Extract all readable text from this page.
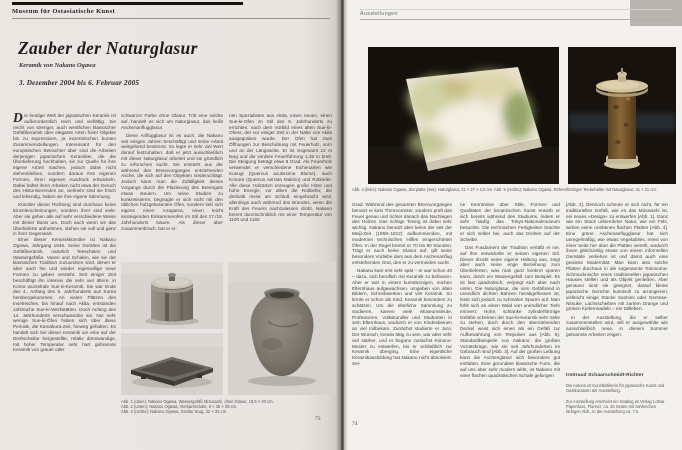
Museum für Ostasiatische Kunst
Zauber der Naturglasur
Keramik von Nakano Ogawa
3. Dezember 2004 bis 6. Februar 2005

Die heutige Welt der japanischen Keramik ist außerordentlich reich und vielfältig. Sie reicht von strenger, auch westlichen klassischer Gefäßkeramik über elegante Arten freier Objekte bis zu expressiven, ja exzentrischen bunten Zusammenstellungen. Interessant für den europäischen Betrachter aber sind die Arbeiten derjenigen japanischen Keramiker, die die Überlieferung hochhalten, sie zur Quelle für ihre eigene Arbeit machen, jedoch dabei nicht stehenbleiben, sondern daraus ihre eigenen Formen, ihren eigenen Ausdruck entwickeln. Dabei haftet ihren Arbeiten nicht etwa der Geruch des Historisierenden an, vielmehr sind sie frisch und lebendig, haben sie ihre eigene Stimmung.

Künstler dieser Richtung sind durchaus keine Einzelerscheinungen, sondern ihrer sind viele. Aber sie gehen alle auf sehr verschiedene Weise mit dieser Basis um. Doch auch wenn sie das Überlieferte aufnehmen, stehen sie voll und ganz in ihrer Gegenwart.

Einer dieser Keramikkünstler ist Nakano Ogawa, Jahrgang 1946. Seine Domäne ist die Gefäßkeramik, natürlich Teeschalen und Wassergefäße, Vasen und Schalen, wie sie der klassischen Tradition zuzuordnen sind, denen er aber auch hie und wieder eigenwillige neue Formen zu geben versteht. Seit einiger Zeit beschäftigt ihn intensiv die sehr viel ältere, in Korea wurzelnde Sue-ki-Keramik. Sie war Ende des 4., Anfang des 5. Jahrhunderts aus Korea herübergekommen. An vielen Plätzen des Inselreiches, bis hinauf nach Akita, entstanden zahlreiche Sue-ki-Werkstätten. Doch Anfang des 14. Jahrhunderts verschwanden sie. Nur sehr wenige Sue-ki-Öfen haben sich über diese Periode, die Kamakura-Zeit, hinweg gehalten. Es handelt sich bei dieser Keramik um eine auf der Drehscheibe hergestellte, relativ dünnwandige, mit hoher Temperatur sehr hart gebrannte Keramik von grauer oder

schwarzer Farbe ohne Glasur. Tritt eine solche auf, handelt es sich um Naturglasur, das heißt Aschenanflugglasur.

Diese Anflugglasur ist es auch, die Nakano seit einigen Jahren beschäftigt und seine Arbeit weitgehend bestimmt. So legte er sehr viel Wert darauf festzuhalten, daß er jetzt ausschließlich mit dieser Naturglasur arbeitet und sie gründlich zu erforschen sucht. Sie entsteht aus der während des Brennvorganges entstehenden Asche, die sich auf den Objekten niederschlägt. Jedoch kann man die Zufälligkeit dieses Vorgangs durch die Plazierung des Brennguts etwas steuern. Um seine Studien zu konkretisieren, begnügte er sich nicht mit den üblichen holzgebrannten Öfen, sondern ließ sich eigens einen Anagama, einen leicht ansteigenden Einkammerofen im Stil des 17./18. Jahrhunderts bauen. Als dieser aber zusammenbrach, bat er ei-

nen Spezialisten aus Akita, einen neuen, einen Sue-ki-Ofen im Stil des 8. Jahrhunderts zu errichten, nach dem Vorbild eines alten Sue-ki-Ofens, der vor einiger Zeit in der Nähe von Akita ausgegraben wurde. Der Ofen hat zwei Öffnungen zur Beschickung mit Feuerholz, vorn und an der Längsseite. Er ist insgesamt 12 m lang und die vordere Feuerführung 1,35 m breit. Die Steigung beträgt etwa 8 Grad. Als Feuerholz verwendet er verschiedene Eichenarten wie Kunugi (Quercus acutissima Blume), auch Konara (Quercus serrata Makino) und Rotkiefer. Alle diese Holzarten erzeugen große Hitze und hohe Energie, vor allem die Rotkiefer, die deshalb meist am Schluß eingebracht wird, allerdings auch während des Brandes, wenn die Kraft des Feuers nachzulassen droht. Nakano brennt durchschnittlich mit einer Temperatur von 1100 und 1160

Abb. 1 (oben): Nakano Ogawa, Wassergefäß Mizusashi, ohne Glasur, 19,5 × 20 cm.
Abb. 2 (unten): Nakano Ogawa, Vierkantschale, 6 × 35 × 35 cm.
Abb. 3 (rechts): Nakano Ogawa, Großer Krug, 32 × 32 cm.
73
Ausstellungen
Abb. 4 (links): Nakano Ogawa, Zierplatte (Set), Naturglasur, 21 × 27 × 2,5 cm. Abb. 5 (rechts): Nakano Ogawa, Röhrenförmiger Teebehälter mit Naturglasur, 31 × 21 cm.

Grad. Während des gesamten Brennvorganges benutzt er kein Thermometer, sondern prüft das Feuer genau und richtet danach das Nachlegen des Holzes. Das richtige Timing ist dabei sehr wichtig. Nakano benutzt aber keine der seit der Meiji-Zeit (1868–1912) aufkommenden, mit modernen technischen Hilfen eingerichteten Öfen. In der Regel brennt er 70 bis 90 Stunden. Trägt er auch keine Glasur auf, gilt seine besondere Vorliebe dem aus dem Aschenanflug entstehenden Grat, den er zu vermeiden sucht.

Nakano kam erst sehr spät – er war schon 40 – dazu, sich beruflich mit Keramik zu befassen. Aber er war in einem kunstsinnigen, reichen Elternhaus aufgewachsen, umgeben von alten Bildern, Schreibwerken und viel Keramik. So lernte er schon als Kind, Keramik besonders zu schätzen. Um die elterliche Sammlung zu studieren, kamen viele Museumsleute, Professoren, Volkskundler und Studenten in sein Elternhaus, wodurch er von Kindesbeinen an viel mitbekam. Zunächst studierte er Jura. Der Wunsch, kreativ tätig zu sein, war aber sehr viel stärker, und er begann zunächst Kimono-Muster zu entwerfen, bis er schließlich zur Keramik überging. Eine eigentliche Keramikausbildung hat Nakano nicht absolviert. Sei-

ne Kenntnisse über Stile, Formen und Qualitäten der keramischen Kunst erwarb er sich bereits während des Studiums, indem er sehr häufig das Tokyo-Nationalmuseum besuchte. Die technischen Fertigkeiten brachte er sich selber bei, auch das Drehen auf der Scheibe.

Das Fundament der Tradition verläßt er nie, auf ihm entwickelte er seinen eigenen Stil. Dieser drückt seine eigene Haltung aus, zeigt aber auch seine enge Beziehung zum Überlieferten, was man ganz konkret spüren kann, durch ein Wassergefäß zum Beispiel. Es ist fast quadratisch, verjüngt sich aber nach unten. Die Naturglasur, die vom Gefäßrand in unendlich dichten Bahnen herabgeflossen ist, löste sich jedoch zu schmalen Spuren auf. Man fühlt sich an einen Wald von unendlicher Tiefe erinnert. Hohe, schlanke zylinderförmige Gefäße scheinen der Sue-ki-Keramik sehr nahe zu stehen, doch durch den überstehenden Deckel weist sich eines als ein Gefäß zur Aufbewahrung von Teepulver aus [Abb. 5]. Standardbeispiele von Nakano: die großen Vorratskrüge, wie sie seit Jahrhunderten im Gebrauch sind [Abb. 3]. Auf der großen Leibung kann die Aschenglasur sich besonders gut entfalten. Eine gerundete klassische Form, die auf uns aber sehr modern wirkt, ist Nakano mit einer flachen quadratischen Schale gelungen

[Abb. 2]. Dennoch scheute er sich nicht, für ein traditionelles Gefäß, wie es das Mizusashi ist, ein neues »Design« zu entwerfen [Abb. 1]. Ganz wie ein Stück unberührter Natur, wie ein Fels, wirken seine unebenen flachen Platten [Abb. 4]. Eine grüne Aschenanflugglasur hat sich unregelmäßig, wie etwas Vegetabiles, meist von einer Seite her über die Platten verteilt, wodurch ihnen gleichzeitig etwas von einem informellen Gemälde verliehen ist und damit auch eine gewisse Modernität. Man kann also solche Platten durchaus in die sogenannte Tokonoma-Schmucknische eines traditionellen japanischen Hauses stellen und als Objekt genießen. Aber genauso sind sie geeignet, darauf kleine japanische Gerichte kunstvoll zu arrangieren, vielleicht einige Stücke Sashimi oder Gemüse-Nitsuke, Lachsscheiben mit zartem Orange und grünen Kiefernnadeln – ein Stilleben.

In der Ausstellung, die er selber zusammenstellen wird, will er ausgewählte wie ausschließlich neue, in diesem Sommer gebrannte Arbeiten zeigen.

Irmtraud Schaarschmidt-Richter
Die Autorin ist Kunstkritikerin für japanische Kunst und Gastkuratorin der Ausstellung.
Zur Ausstellung erscheint ein Katalog im Verlag Lothar Papenfuss, Florenz, ca. 30 Seiten mit zahlreichen farbigen Abb., in der Ausstellung ca. 7 €.
74
